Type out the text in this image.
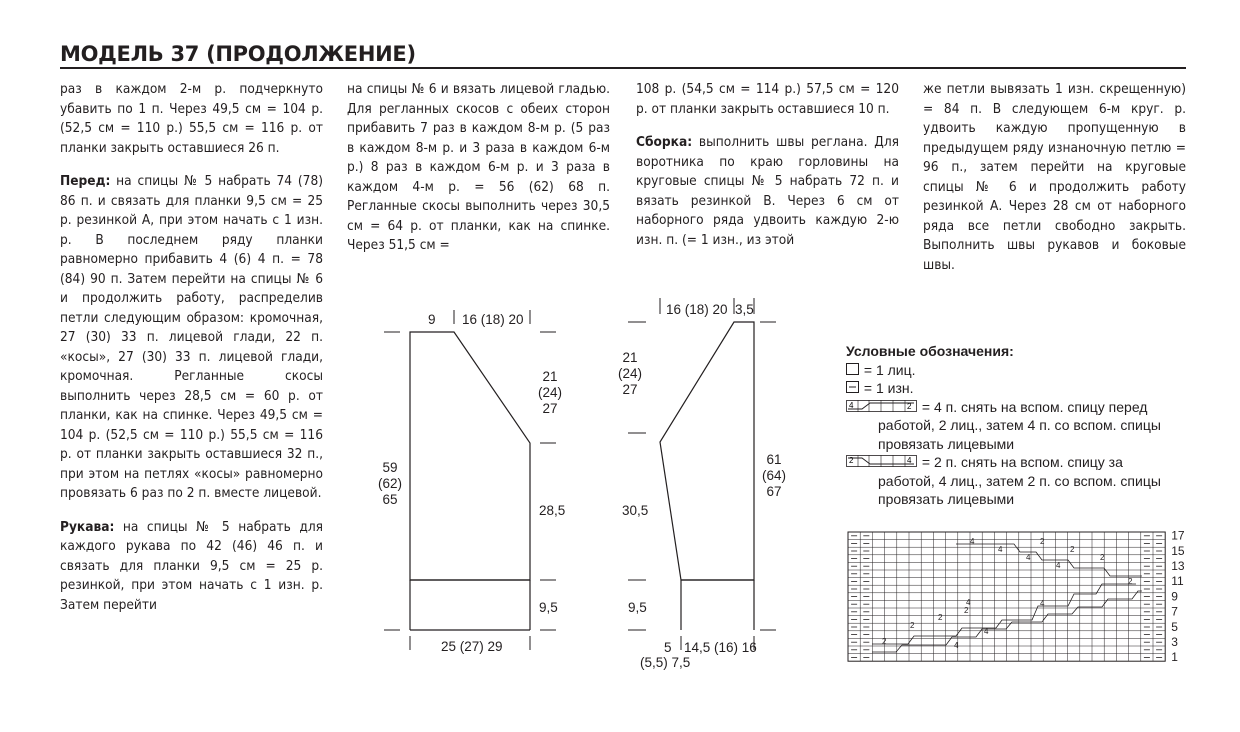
МОДЕЛЬ 37 (ПРОДОЛЖЕНИЕ)

раз в каждом 2-м р. подчеркнуто убавить по 1 п. Через 49,5 см = 104 р. (52,5 см = 110 р.) 55,5 см = 116 р. от планки закрыть оставшиеся 26 п.

Перед: на спицы № 5 набрать 74 (78) 86 п. и связать для планки 9,5 см = 25 р. резинкой А, при этом начать с 1 изн. р. В последнем ряду планки равномерно прибавить 4 (6) 4 п. = 78 (84) 90 п. Затем перейти на спицы № 6 и продолжить работу, распределив петли следующим образом: кромочная, 27 (30) 33 п. лицевой глади, 22 п. «косы», 27 (30) 33 п. лицевой глади, кромочная. Регланные скосы выполнить через 28,5 см = 60 р. от планки, как на спинке. Через 49,5 см = 104 р. (52,5 см = 110 р.) 55,5 см = 116 р. от планки закрыть оставшиеся 32 п., при этом на петлях «косы» равномерно провязать 6 раз по 2 п. вместе лицевой.

Рукава: на спицы № 5 набрать для каждого рукава по 42 (46) 46 п. и связать для планки 9,5 см = 25 р. резинкой, при этом начать с 1 изн. р. Затем перейти

на спицы № 6 и вязать лицевой гладью. Для регланных скосов с обеих сторон прибавить 7 раз в каждом 8-м р. (5 раз в каждом 8-м р. и 3 раза в каждом 6-м р.) 8 раз в каждом 6-м р. и 3 раза в каждом 4-м р. = 56 (62) 68 п. Регланные скосы выполнить через 30,5 см = 64 р. от планки, как на спинке. Через 51,5 см =

108 р. (54,5 см = 114 р.) 57,5 см = 120 р. от планки закрыть оставшиеся 10 п.

Сборка: выполнить швы реглана. Для воротника по краю горловины на круговые спицы № 5 набрать 72 п. и вязать резинкой В. Через 6 см от наборного ряда удвоить каждую 2-ю изн. п. (= 1 изн., из этой

же петли вывязать 1 изн. скрещенную) = 84 п. В следующем 6-м круг. р. удвоить каждую пропущенную в предыдущем ряду изнаночную петлю = 96 п., затем перейти на круговые спицы № 6 и продолжить работу резинкой А. Через 28 см от наборного ряда все петли свободно закрыть. Выполнить швы рукавов и боковые швы.

9 16 (18) 20
21
(24)
27
59
(62)
65
28,5
9,5
25 (27) 29
16 (18) 20 3,5
21
(24)
27
61
(64)
67
30,5
9,5
5 14,5 (16) 16
(5,5) 7,5
Условные обозначения:
= 1 лиц.
= 1 изн.
4	2 = 4 п. снять на вспом. спицу перед
работой, 2 лиц., затем 4 п. со вспом. спицы
провязать лицевыми
2	4 = 2 п. снять на вспом. спицу за
работой, 4 лиц., затем 2 п. со вспом. спицы
провязать лицевыми
2	4
2
4
2
4
2
4
2
4
2
4
2
4
2
4
17
15
13
11
9
7
5
3
1
